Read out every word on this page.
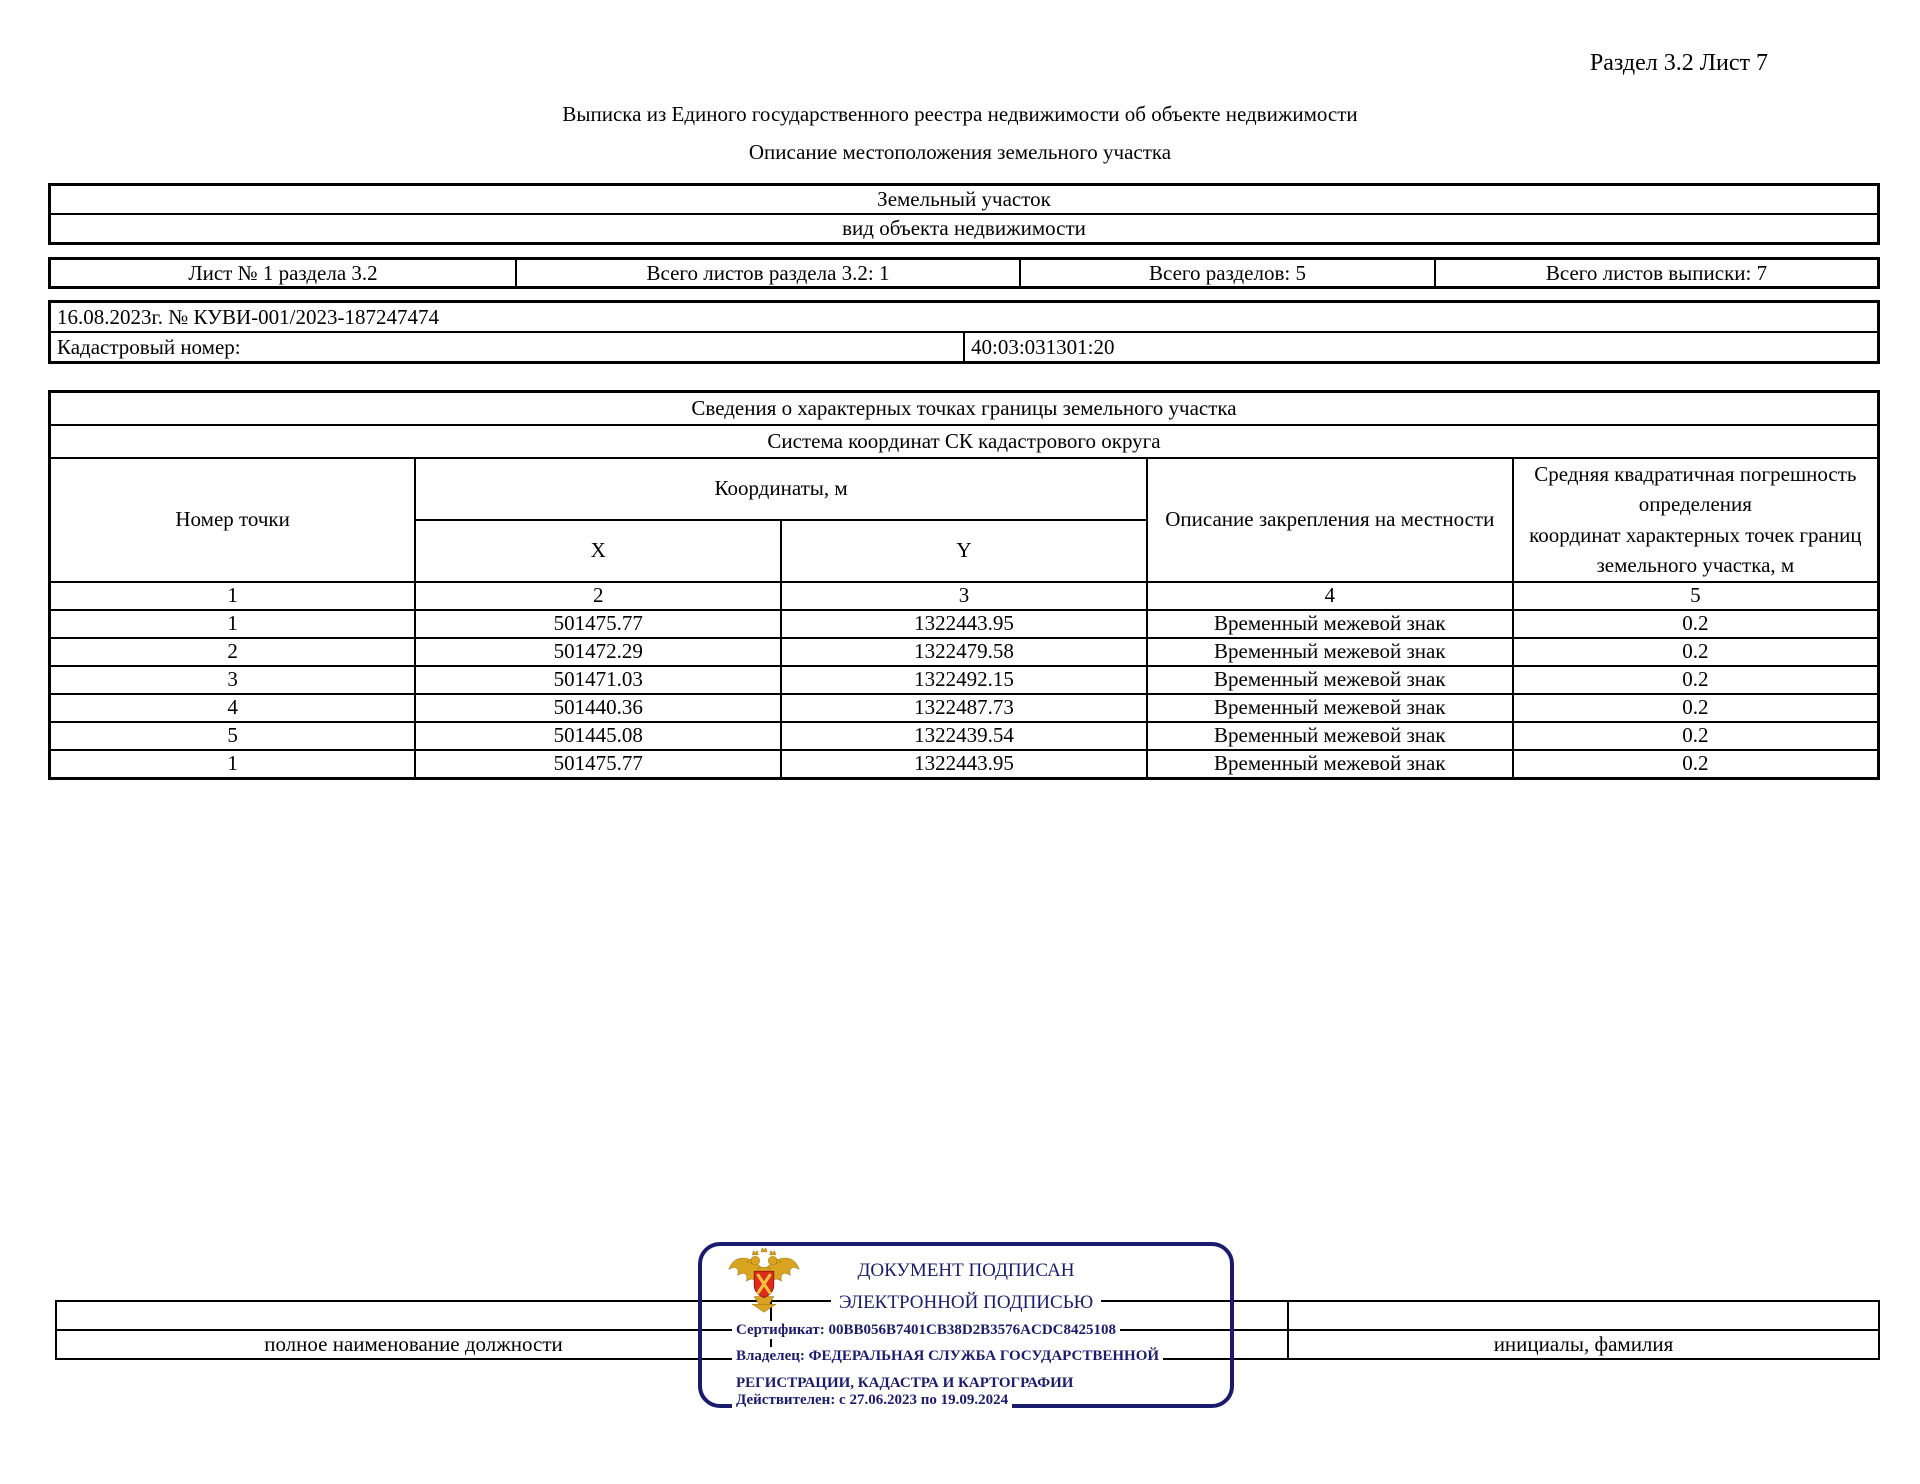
Раздел 3.2 Лист 7
Выписка из Единого государственного реестра недвижимости об объекте недвижимости
Описание местоположения земельного участка
Земельный участок
вид объекта недвижимости
Лист № 1 раздела 3.2	Всего листов раздела 3.2: 1	Всего разделов: 5	Всего листов выписки: 7
16.08.2023г. № КУВИ-001/2023-187247474
Кадастровый номер:	40:03:031301:20
Сведения о характерных точках границы земельного участка				
Система координат СК кадастрового округа				
Номер точки	Координаты, м		Описание закрепления на местности	Средняя квадратичная погрешность определения
координат характерных точек границ земельного участка, м

	X	Y		
1	2	3	4	5
1	501475.77	1322443.95	Временный межевой знак	0.2
2	501472.29	1322479.58	Временный межевой знак	0.2
3	501471.03	1322492.15	Временный межевой знак	0.2
4	501440.36	1322487.73	Временный межевой знак	0.2
5	501445.08	1322439.54	Временный межевой знак	0.2
1	501475.77	1322443.95	Временный межевой знак	0.2

полное наименование должности		инициалы, фамилия
ДОКУМЕНТ ПОДПИСАН
ЭЛЕКТРОННОЙ ПОДПИСЬЮ
Сертификат: 00BB056B7401CB38D2B3576ACDC8425108
Владелец: ФЕДЕРАЛЬНАЯ СЛУЖБА ГОСУДАРСТВЕННОЙ
РЕГИСТРАЦИИ, КАДАСТРА И КАРТОГРАФИИ
Действителен: с 27.06.2023 по 19.09.2024
